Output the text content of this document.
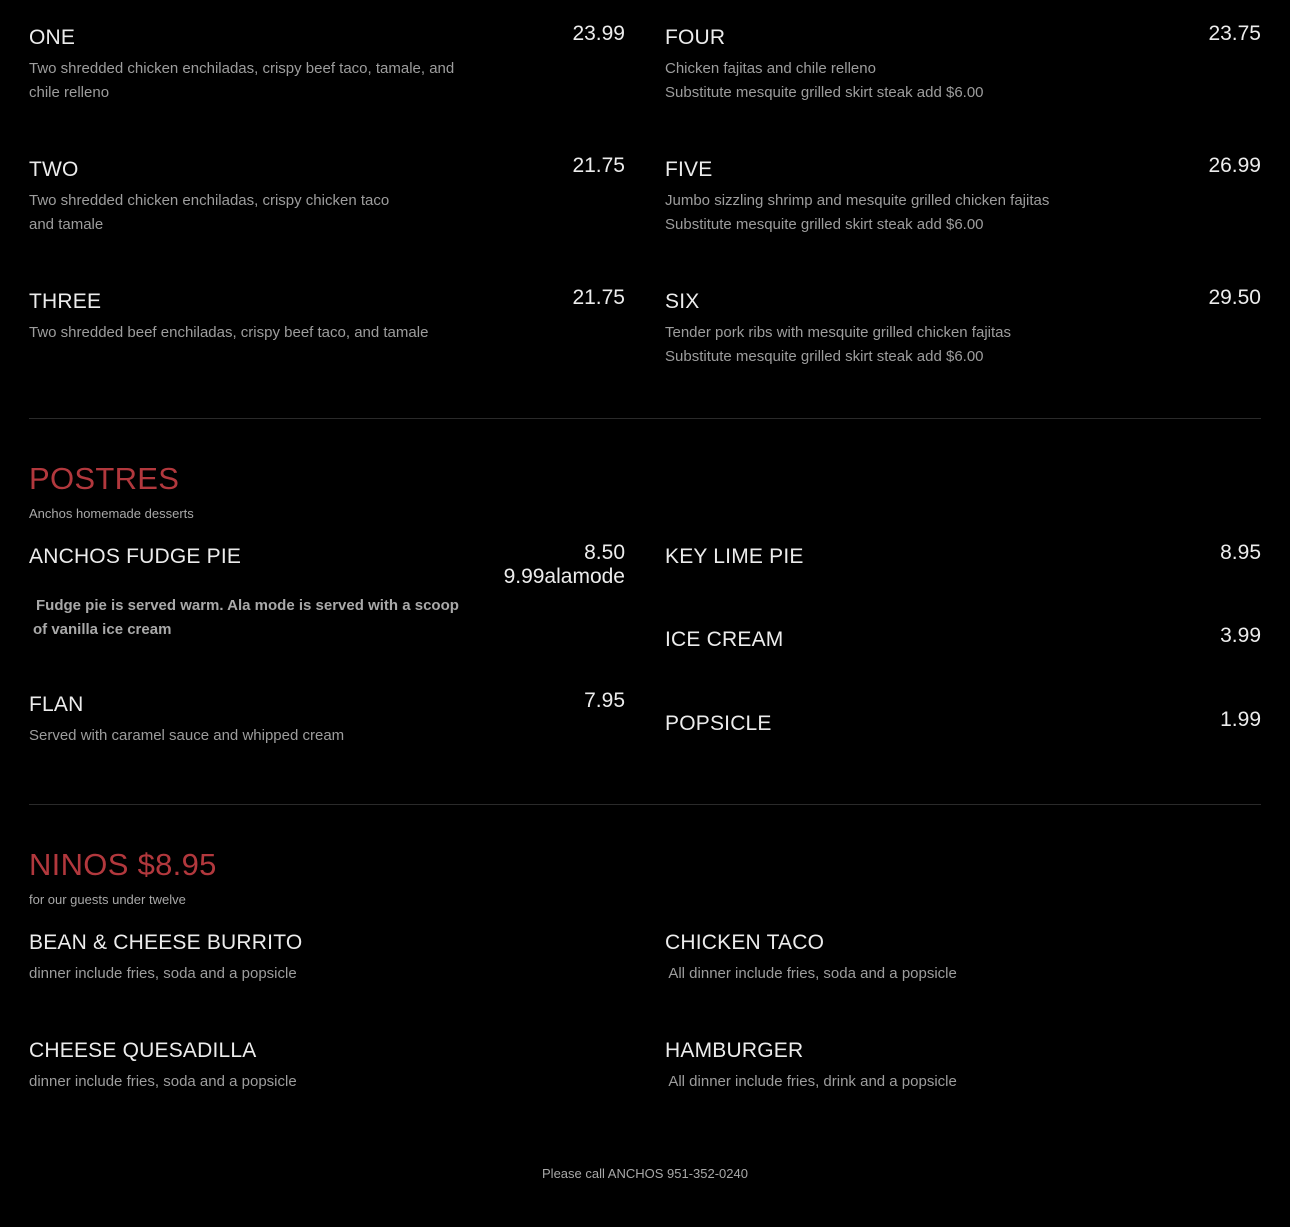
ONE	23.99
Two shredded chicken enchiladas, crispy beef taco, tamale, and
chile relleno
FOUR	23.75
Chicken fajitas and chile relleno
Substitute mesquite grilled skirt steak add $6.00
TWO	21.75
Two shredded chicken enchiladas, crispy chicken taco
and tamale
FIVE	26.99
Jumbo sizzling shrimp and mesquite grilled chicken fajitas
Substitute mesquite grilled skirt steak add $6.00
THREE	21.75
Two shredded beef enchiladas, crispy beef taco, and tamale
SIX	29.50
Tender pork ribs with mesquite grilled chicken fajitas
Substitute mesquite grilled skirt steak add $6.00
POSTRES
Anchos homemade desserts
ANCHOS FUDGE PIE	8.50
9.99alamode
Fudge pie is served warm. Ala mode is served with a scoop
of vanilla ice cream
FLAN	7.95
Served with caramel sauce and whipped cream
KEY LIME PIE	8.95
ICE CREAM	3.99
POPSICLE	1.99
NINOS $8.95
for our guests under twelve
BEAN & CHEESE BURRITO
dinner include fries, soda and a popsicle
CHICKEN TACO
All dinner include fries, soda and a popsicle
CHEESE QUESADILLA
dinner include fries, soda and a popsicle
HAMBURGER
All dinner include fries, drink and a popsicle
Please call ANCHOS 951-352-0240
